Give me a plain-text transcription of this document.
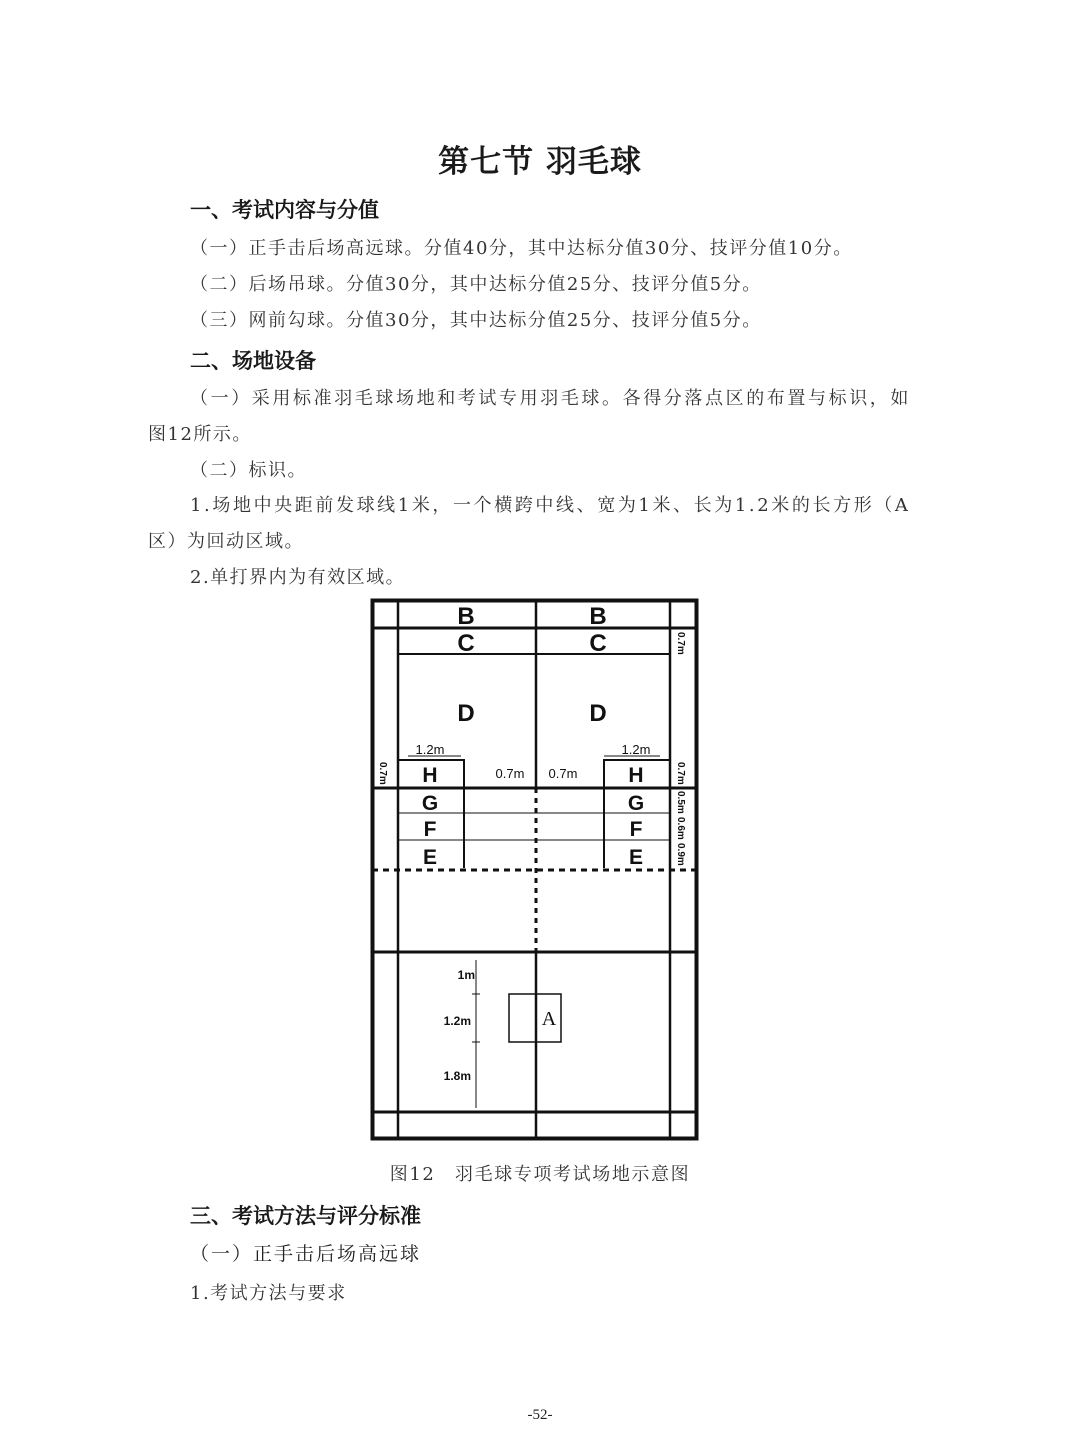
第七节 羽毛球
一、考试内容与分值
（一）正手击后场高远球。分值40分，其中达标分值30分、技评分值10分。
（二）后场吊球。分值30分，其中达标分值25分、技评分值5分。
（三）网前勾球。分值30分，其中达标分值25分、技评分值5分。
二、场地设备
（一）采用标准羽毛球场地和考试专用羽毛球。各得分落点区的布置与标识，如
图12所示。
（二）标识。
1.场地中央距前发球线1米，一个横跨中线、宽为1米、长为1.2米的长方形（A
区）为回动区域。
2.单打界内为有效区域。
B	B
C	C
D	D
H	H
G	G
F	F
E	E
A
1.2m	1.2m
0.7m 0.7m
1m
1.2m
1.8m
0.7m
0.7m
0.5m
0.6m
0.9m
0.7m
图12　羽毛球专项考试场地示意图
三、考试方法与评分标准
（一）正手击后场高远球
1.考试方法与要求
-52-
